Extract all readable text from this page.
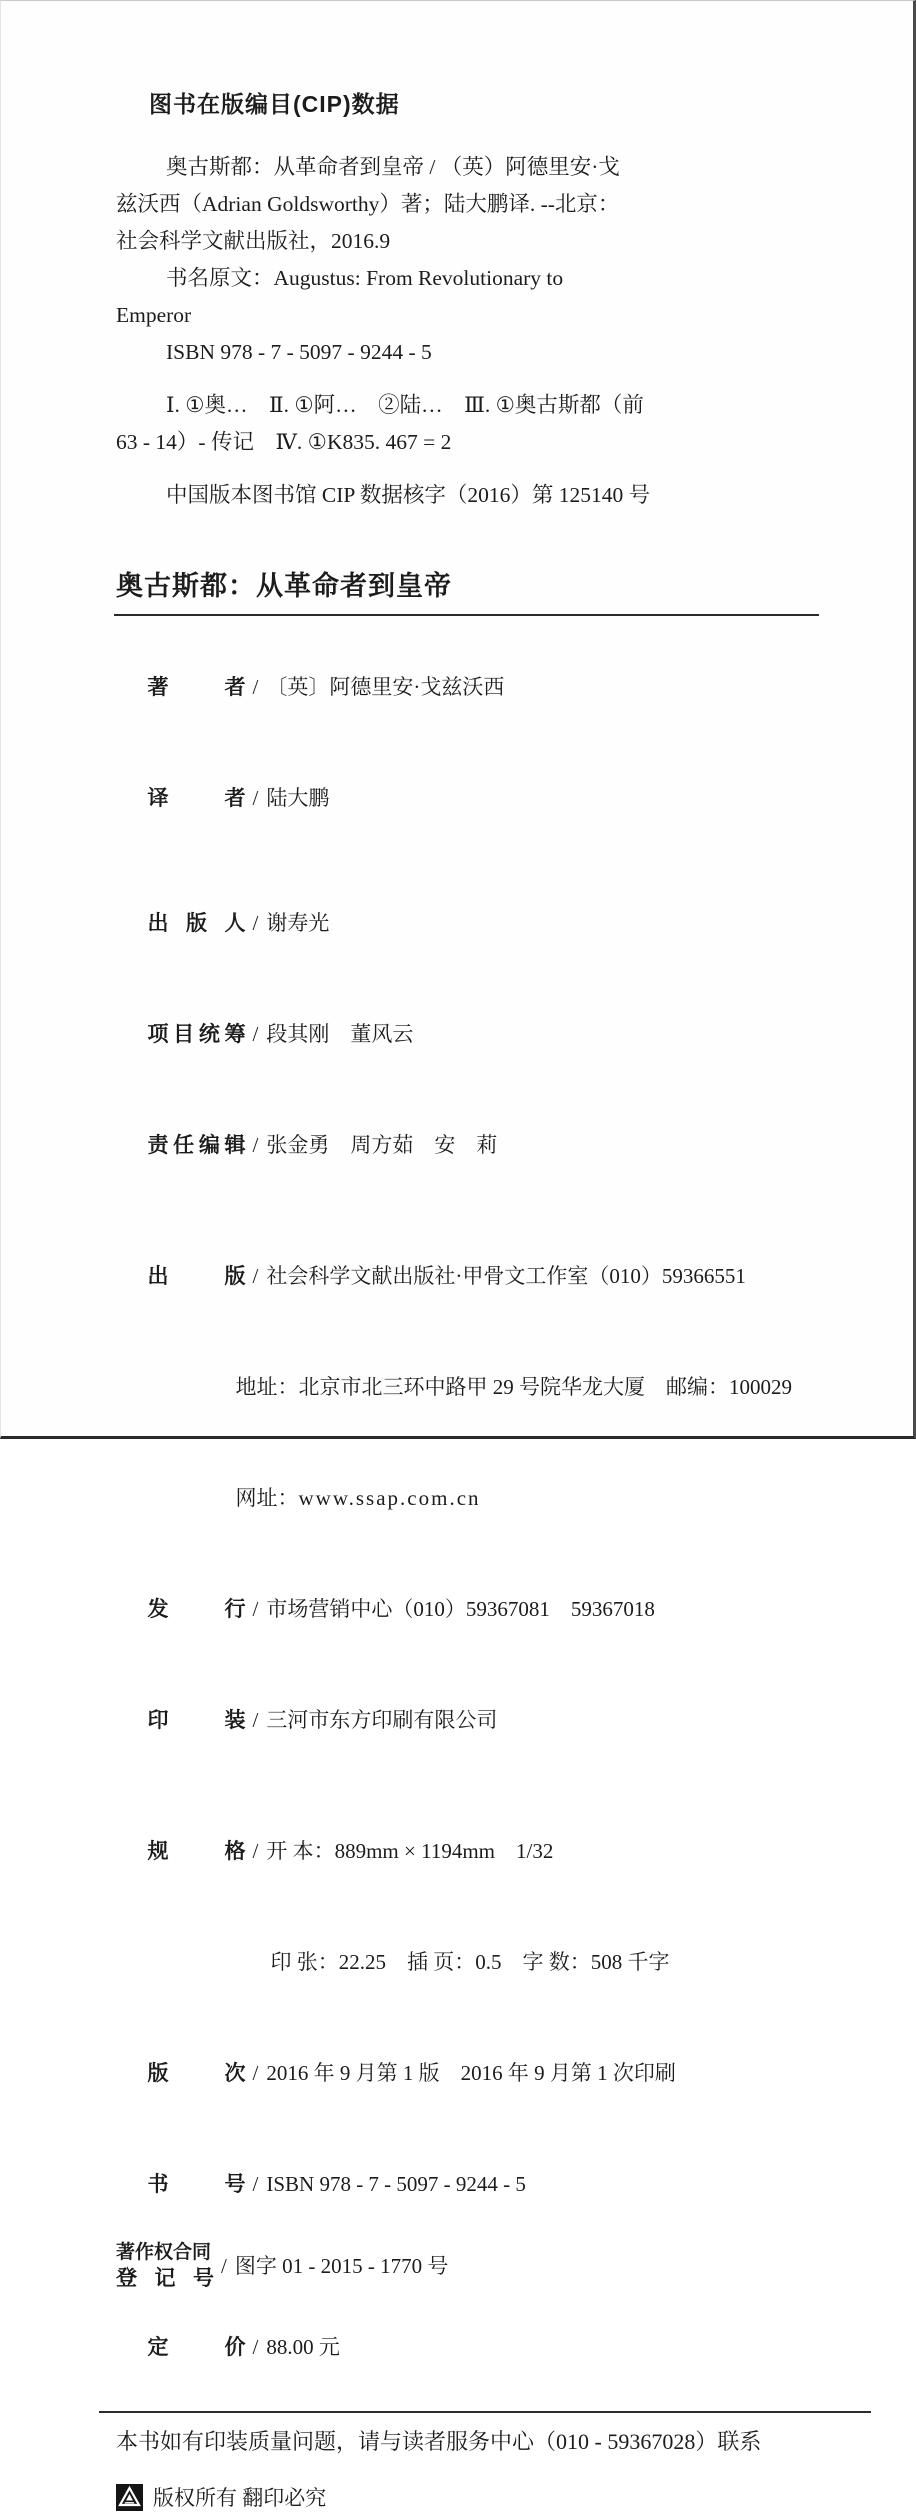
图书在版编目(CIP)数据
奥古斯都：从革命者到皇帝 / （英）阿德里安·戈
兹沃西（Adrian Goldsworthy）著；陆大鹏译. --北京：
社会科学文献出版社，2016.9
书名原文：Augustus: From Revolutionary to
Emperor
ISBN 978 - 7 - 5097 - 9244 - 5
Ⅰ. ①奥…　Ⅱ. ①阿…　②陆…　Ⅲ. ①奥古斯都（前
63 - 14）- 传记　Ⅳ. ①K835. 467 = 2
中国版本图书馆 CIP 数据核字（2016）第 125140 号
奥古斯都：从革命者到皇帝

著者 / 〔英〕阿德里安·戈兹沃西

译者 / 陆大鹏

出版人 / 谢寿光

项目统筹 / 段其刚　董风云

责任编辑 / 张金勇　周方茹　安　莉

出版 / 社会科学文献出版社·甲骨文工作室（010）59366551

地址：北京市北三环中路甲 29 号院华龙大厦　邮编：100029

网址：www.ssap.com.cn

发行 / 市场营销中心（010）59367081　59367018

印装 / 三河市东方印刷有限公司

规格 / 开 本：889mm × 1194mm　1/32

印 张：22.25　插 页：0.5　字 数：508 千字

版次 / 2016 年 9 月第 1 版　2016 年 9 月第 1 次印刷

书号 / ISBN 978 - 7 - 5097 - 9244 - 5

著作权合同
登记号
/ 图字 01 - 2015 - 1770 号

定价 / 88.00 元

本书如有印装质量问题，请与读者服务中心（010 - 59367028）联系

版权所有 翻印必究
